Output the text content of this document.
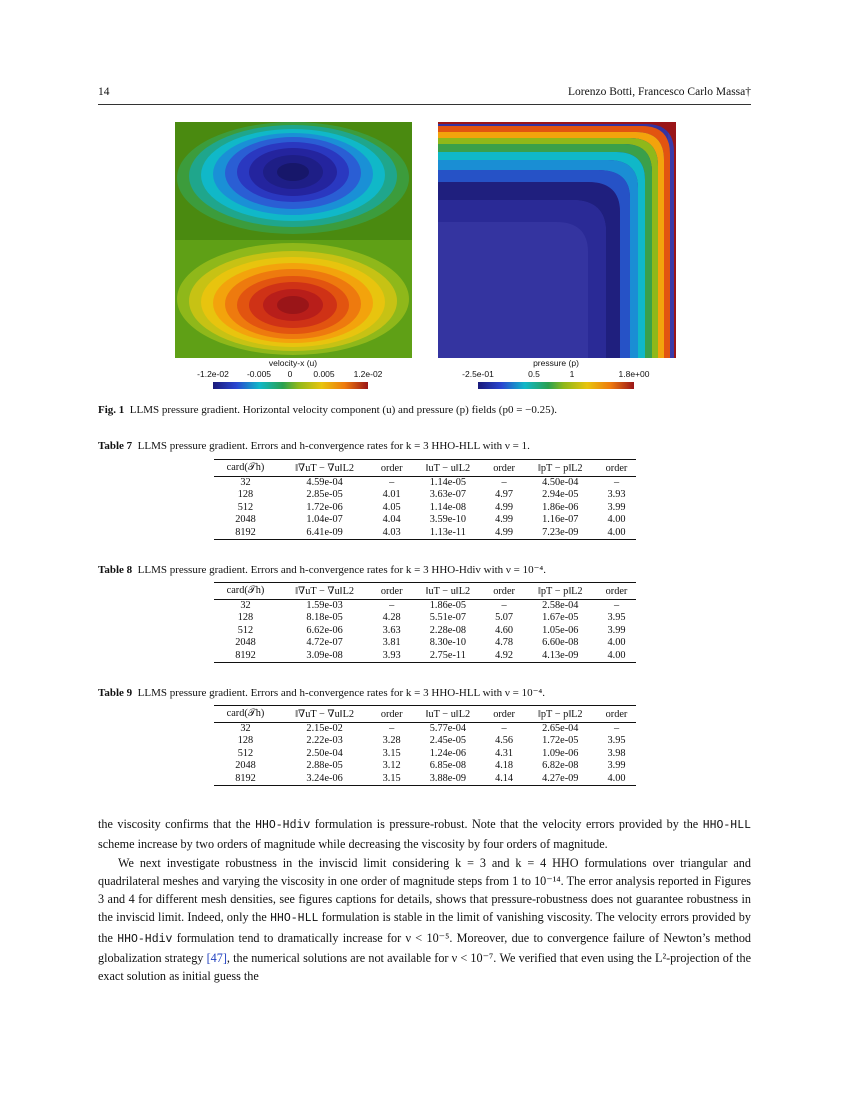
14	Lorenzo Botti, Francesco Carlo Massa†
velocity-x (u)
-1.2e-02 -0.005 0 0.005 1.2e-02
pressure (p)
-2.5e-01	0.5	1	1.8e+00
Fig. 1 LLMS pressure gradient. Horizontal velocity component (u) and pressure (p) fields (p0 = −0.25).
Table 7 LLMS pressure gradient. Errors and h-convergence rates for k = 3 HHO-HLL with ν = 1.
card(𝒯h)	‖∇uT − ∇u‖L2	order	‖uT − u‖L2	order	‖pT − p‖L2	order
32	4.59e-04	–	1.14e-05	–	4.50e-04	–
128	2.85e-05	4.01	3.63e-07	4.97	2.94e-05	3.93
512	1.72e-06	4.05	1.14e-08	4.99	1.86e-06	3.99
2048	1.04e-07	4.04	3.59e-10	4.99	1.16e-07	4.00
8192	6.41e-09	4.03	1.13e-11	4.99	7.23e-09	4.00
Table 8 LLMS pressure gradient. Errors and h-convergence rates for k = 3 HHO-Hdiv with ν = 10⁻⁴.
card(𝒯h)	‖∇uT − ∇u‖L2	order	‖uT − u‖L2	order	‖pT − p‖L2	order
32	1.59e-03	–	1.86e-05	–	2.58e-04	–
128	8.18e-05	4.28	5.51e-07	5.07	1.67e-05	3.95
512	6.62e-06	3.63	2.28e-08	4.60	1.05e-06	3.99
2048	4.72e-07	3.81	8.30e-10	4.78	6.60e-08	4.00
8192	3.09e-08	3.93	2.75e-11	4.92	4.13e-09	4.00
Table 9 LLMS pressure gradient. Errors and h-convergence rates for k = 3 HHO-HLL with ν = 10⁻⁴.
card(𝒯h)	‖∇uT − ∇u‖L2	order	‖uT − u‖L2	order	‖pT − p‖L2	order
32	2.15e-02	–	5.77e-04	–	2.65e-04	–
128	2.22e-03	3.28	2.45e-05	4.56	1.72e-05	3.95
512	2.50e-04	3.15	1.24e-06	4.31	1.09e-06	3.98
2048	2.88e-05	3.12	6.85e-08	4.18	6.82e-08	3.99
8192	3.24e-06	3.15	3.88e-09	4.14	4.27e-09	4.00

the viscosity confirms that the HHO-Hdiv formulation is pressure-robust. Note that the velocity errors provided by the HHO-HLL scheme increase by two orders of magnitude while decreasing the viscosity by four orders of magnitude.

We next investigate robustness in the inviscid limit considering k = 3 and k = 4 HHO formulations over triangular and quadrilateral meshes and varying the viscosity in one order of magnitude steps from 1 to 10⁻¹⁴. The error analysis reported in Figures 3 and 4 for different mesh densities, see figures captions for details, shows that pressure-robustness does not guarantee robustness in the inviscid limit. Indeed, only the HHO-HLL formulation is stable in the limit of vanishing viscosity. The velocity errors provided by the HHO-Hdiv formulation tend to dramatically increase for ν < 10⁻⁵. Moreover, due to convergence failure of Newton’s method globalization strategy [47], the numerical solutions are not available for ν < 10⁻⁷. We verified that even using the L²-projection of the exact solution as initial guess the
